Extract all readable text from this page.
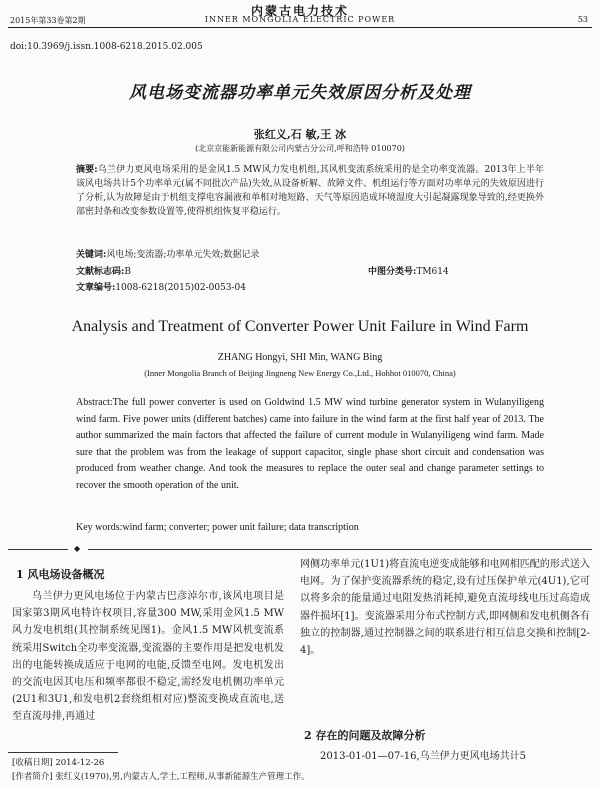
内蒙古电力技术
2015年第33卷第2期	INNER MONGOLIA ELECTRIC POWER	53
doi:10.3969/j.issn.1008-6218.2015.02.005
风电场变流器功率单元失效原因分析及处理
张红义,石 敏,王 冰
(北京京能新能源有限公司内蒙古分公司,呼和浩特 010070)
摘要:乌兰伊力更风电场采用的是金风1.5 MW风力发电机组,其风机变流系统采用的是全功率变流器。2013年上半年该风电场共计5个功率单元(属不同批次产品)失效,从设备析解、故障文件、机组运行等方面对功率单元的失效原因进行了分析,认为故障是由于机组支撑电容漏液和单相对地短路、天气等原因造成环境湿度大引起凝露现象导致的,经更换外部密封条和改变参数设置等,使得机组恢复平稳运行。
关键词:风电场;变流器;功率单元失效;数据记录
文献标志码:B	中图分类号:TM614
文章编号:1008-6218(2015)02-0053-04
Analysis and Treatment of Converter Power Unit Failure in Wind Farm
ZHANG Hongyi, SHI Min, WANG Bing
(Inner Mongolia Branch of Beijing Jingneng New Energy Co.,Ltd., Hohhot 010070, China)
Abstract:The full power converter is used on Goldwind 1.5 MW wind turbine generator system in Wulanyiligeng wind farm. Five power units (different batches) came into failure in the wind farm at the first half year of 2013. The author summarized the main factors that affected the failure of current module in Wulanyiligeng wind farm. Made sure that the problem was from the leakage of support capacitor, single phase short circuit and condensation was produced from weather change. And took the measures to replace the outer seal and change parameter settings to recover the smooth operation of the unit.
Key words:wind farm; converter; power unit failure; data transcription
◆
1 风电场设备概况
乌兰伊力更风电场位于内蒙古巴彦淖尔市,该风电项目是国家第3期风电特许权项目,容量300 MW,采用金风1.5 MW风力发电机组(其控制系统见图1)。金风1.5 MW风机变流系统采用Switch全功率变流器,变流器的主要作用是把发电机发出的电能转换成适应于电网的电能,反馈至电网。发电机发出的交流电因其电压和频率都很不稳定,需经发电机侧功率单元(2U1和3U1,和发电机2套绕组相对应)整流变换成直流电,送至直流母排,再通过
网侧功率单元(1U1)将直流电逆变成能够和电网相匹配的形式送入电网。为了保护变流器系统的稳定,设有过压保护单元(4U1),它可以将多余的能量通过电阻发热消耗掉,避免直流母线电压过高造成器件损坏[1]。变流器采用分布式控制方式,即网侧和发电机侧各有独立的控制器,通过控制器之间的联系进行相互信息交换和控制[2-4]。
2 存在的问题及故障分析
2013-01-01—07-16,乌兰伊力更风电场共计5
[收稿日期] 2014-12-26
[作者简介] 张红义(1970),男,内蒙古人,学士,工程师,从事新能源生产管理工作。
